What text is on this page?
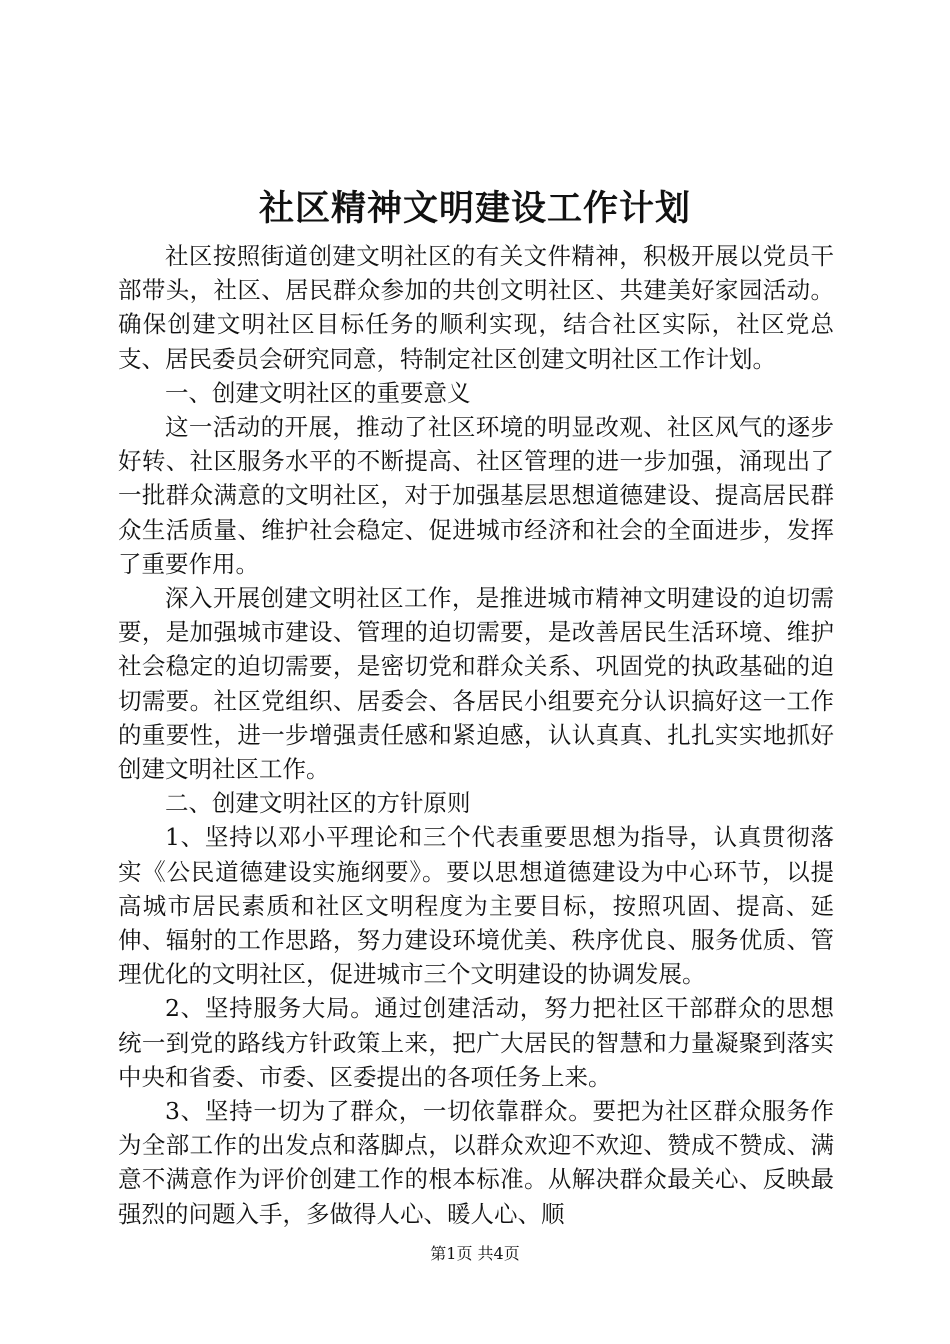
社区精神文明建设工作计划

社区按照街道创建文明社区的有关文件精神，积极开展以党员干部带头，社区、居民群众参加的共创文明社区、共建美好家园活动。确保创建文明社区目标任务的顺利实现，结合社区实际，社区党总支、居民委员会研究同意，特制定社区创建文明社区工作计划。

一、创建文明社区的重要意义

这一活动的开展，推动了社区环境的明显改观、社区风气的逐步好转、社区服务水平的不断提高、社区管理的进一步加强，涌现出了一批群众满意的文明社区，对于加强基层思想道德建设、提高居民群众生活质量、维护社会稳定、促进城市经济和社会的全面进步，发挥了重要作用。

深入开展创建文明社区工作，是推进城市精神文明建设的迫切需要，是加强城市建设、管理的迫切需要，是改善居民生活环境、维护社会稳定的迫切需要，是密切党和群众关系、巩固党的执政基础的迫切需要。社区党组织、居委会、各居民小组要充分认识搞好这一工作的重要性，进一步增强责任感和紧迫感，认认真真、扎扎实实地抓好创建文明社区工作。

二、创建文明社区的方针原则

1、坚持以邓小平理论和三个代表重要思想为指导，认真贯彻落实《公民道德建设实施纲要》。要以思想道德建设为中心环节，以提高城市居民素质和社区文明程度为主要目标，按照巩固、提高、延伸、辐射的工作思路，努力建设环境优美、秩序优良、服务优质、管理优化的文明社区，促进城市三个文明建设的协调发展。

2、坚持服务大局。通过创建活动，努力把社区干部群众的思想统一到党的路线方针政策上来，把广大居民的智慧和力量凝聚到落实中央和省委、市委、区委提出的各项任务上来。

3、坚持一切为了群众，一切依靠群众。要把为社区群众服务作为全部工作的出发点和落脚点，以群众欢迎不欢迎、赞成不赞成、满意不满意作为评价创建工作的根本标准。从解决群众最关心、反映最强烈的问题入手，多做得人心、暖人心、顺

第1页 共4页
